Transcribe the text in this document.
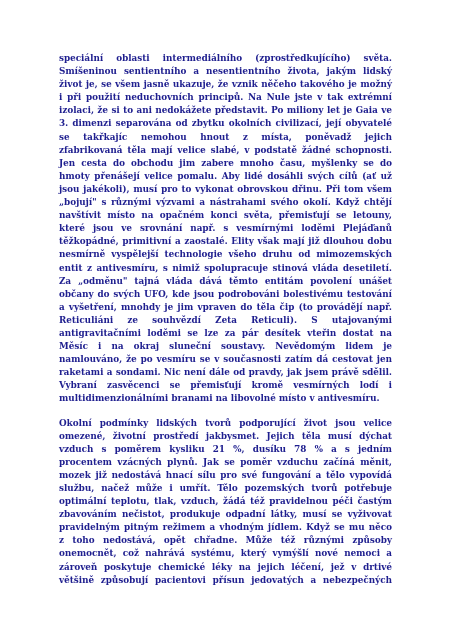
speciální oblasti intermediálního (zprostředkujícího) světa.
Smíšeninou sentientního a nesentientního života, jakým lidský
život je, se všem jasně ukazuje, že vznik něčeho takového je možný
i při použití neduchovních principů. Na Nule jste v tak extrémní
izolaci, že si to ani nedokážete představit. Po miliony let je Gaia ve
3. dimenzi separována od zbytku okolních civilizací, její obyvatelé
se takřkajíc nemohou hnout z místa, poněvadž jejich
zfabrikovaná těla mají velice slabé, v podstatě žádné schopnosti.
Jen cesta do obchodu jim zabere mnoho času, myšlenky se do
hmoty přenášejí velice pomalu. Aby lidé dosáhli svých cílů (ať už
jsou jakékoli), musí pro to vykonat obrovskou dřinu. Při tom všem
„bojují" s různými výzvami a nástrahami svého okolí. Když chtějí
navštívit místo na opačném konci světa, přemisťují se letouny,
které jsou ve srovnání např. s vesmírnými loděmi Plejáďanů
těžkopádné, primitivní a zaostalé. Elity však mají již dlouhou dobu
nesmírně vyspělejší technologie všeho druhu od mimozemských
entit z antivesmíru, s nimiž spolupracuje stinová vláda desetiletí.
Za „odměnu" tajná vláda dává těmto entitám povolení unášet
občany do svých UFO, kde jsou podrobováni bolestivému testování
a vyšetření, mnohdy je jim vpraven do těla čip (to provádějí např.
Reticuliáni ze souhvězdí Zeta Reticuli). S utajovanými
antigravitačními loděmi se lze za pár desítek vteřin dostat na
Měsíc i na okraj sluneční soustavy. Nevědomým lidem je
namlouváno, že po vesmíru se v současnosti zatím dá cestovat jen
raketami a sondami. Nic není dále od pravdy, jak jsem právě sdělil.
Vybraní zasvěcenci se přemisťují kromě vesmírných lodí i
multidimenzionálními branami na libovolné místo v antivesmíru.

Okolní podmínky lidských tvorů podporující život jsou velice
omezené, životní prostředí jakbysmet. Jejich těla musí dýchat
vzduch s poměrem kysliku 21 %, dusíku 78 % a s jedním
procentem vzácných plynů. Jak se poměr vzduchu začíná měnit,
mozek již nedostává hnací sílu pro své fungování a tělo vypovídá
službu, načež může i umřít. Tělo pozemských tvorů potřebuje
optimální teplotu, tlak, vzduch, žádá též pravidelnou péči častým
zbavováním nečistot, produkuje odpadní látky, musí se vyživovat
pravidelným pitným režimem a vhodným jídlem. Když se mu něco
z toho nedostává, opět chřadne. Může též různými způsoby
onemocnět, což nahrává systému, který vymýšlí nové nemoci a
zároveň poskytuje chemické léky na jejich léčení, jež v drtivé
většině způsobují pacientovi přísun jedovatých a nebezpečných
